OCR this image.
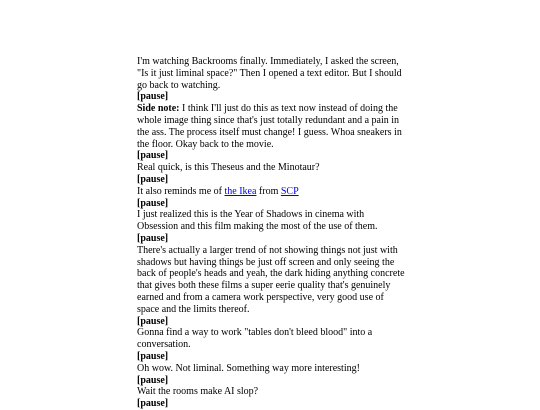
I'm watching Backrooms finally. Immediately, I asked the screen, "Is it just liminal space?" Then I opened a text editor. But I should go back to watching.

[pause]

Side note: I think I'll just do this as text now instead of doing the whole image thing since that's just totally redundant and a pain in the ass. The process itself must change! I guess. Whoa sneakers in the floor. Okay back to the movie.

[pause]

Real quick, is this Theseus and the Minotaur?

[pause]

It also reminds me of the Ikea from SCP

[pause]

I just realized this is the Year of Shadows in cinema with Obsession and this film making the most of the use of them.

[pause]

There's actually a larger trend of not showing things not just with shadows but having things be just off screen and only seeing the back of people's heads and yeah, the dark hiding anything concrete that gives both these films a super eerie quality that's genuinely earned and from a camera work perspective, very good use of space and the limits thereof.

[pause]

Gonna find a way to work "tables don't bleed blood" into a conversation.

[pause]

Oh wow. Not liminal. Something way more interesting!

[pause]

Wait the rooms make AI slop?

[pause]
